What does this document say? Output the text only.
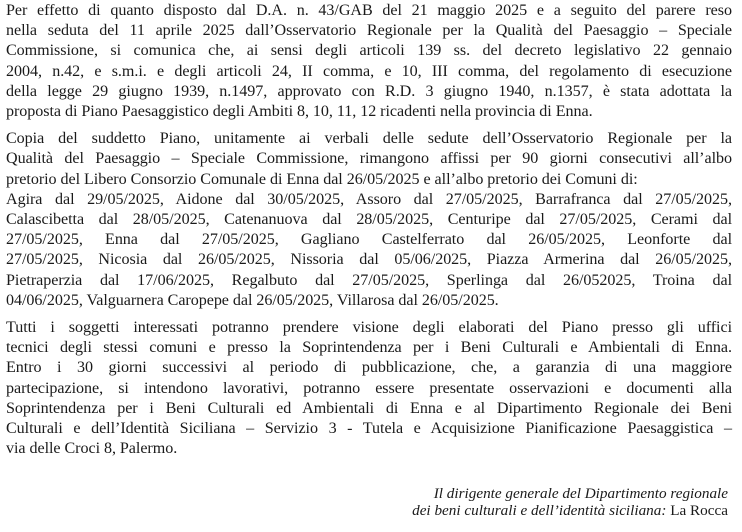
Per effetto di quanto disposto dal D.A. n. 43/GAB del 21 maggio 2025 e a seguito del parere reso
nella seduta del 11 aprile 2025 dall’Osservatorio Regionale per la Qualità del Paesaggio – Speciale
Commissione, si comunica che, ai sensi degli articoli 139 ss. del decreto legislativo 22 gennaio
2004, n.42, e s.m.i. e degli articoli 24, II comma, e 10, III comma, del regolamento di esecuzione
della legge 29 giugno 1939, n.1497, approvato con R.D. 3 giugno 1940, n.1357, è stata adottata la
proposta di Piano Paesaggistico degli Ambiti 8, 10, 11, 12 ricadenti nella provincia di Enna.

Copia del suddetto Piano, unitamente ai verbali delle sedute dell’Osservatorio Regionale per la
Qualità del Paesaggio – Speciale Commissione, rimangono affissi per 90 giorni consecutivi all’albo
pretorio del Libero Consorzio Comunale di Enna dal 26/05/2025 e all’albo pretorio dei Comuni di:
Agira dal 29/05/2025, Aidone dal 30/05/2025, Assoro dal 27/05/2025, Barrafranca dal 27/05/2025,
Calascibetta dal 28/05/2025, Catenanuova dal 28/05/2025, Centuripe dal 27/05/2025, Cerami dal
27/05/2025, Enna dal 27/05/2025, Gagliano Castelferrato dal 26/05/2025, Leonforte dal
27/05/2025, Nicosia dal 26/05/2025, Nissoria dal 05/06/2025, Piazza Armerina dal 26/05/2025,
Pietraperzia dal 17/06/2025, Regalbuto dal 27/05/2025, Sperlinga dal 26/052025, Troina dal
04/06/2025, Valguarnera Caropepe dal 26/05/2025, Villarosa dal 26/05/2025.

Tutti i soggetti interessati potranno prendere visione degli elaborati del Piano presso gli uffici
tecnici degli stessi comuni e presso la Soprintendenza per i Beni Culturali e Ambientali di Enna.
Entro i 30 giorni successivi al periodo di pubblicazione, che, a garanzia di una maggiore
partecipazione, si intendono lavorativi, potranno essere presentate osservazioni e documenti alla
Soprintendenza per i Beni Culturali ed Ambientali di Enna e al Dipartimento Regionale dei Beni
Culturali e dell’Identità Siciliana – Servizio 3 - Tutela e Acquisizione Pianificazione Paesaggistica –
via delle Croci 8, Palermo.

Il dirigente generale del Dipartimento regionale
dei beni culturali e dell’identità siciliana: La Rocca
